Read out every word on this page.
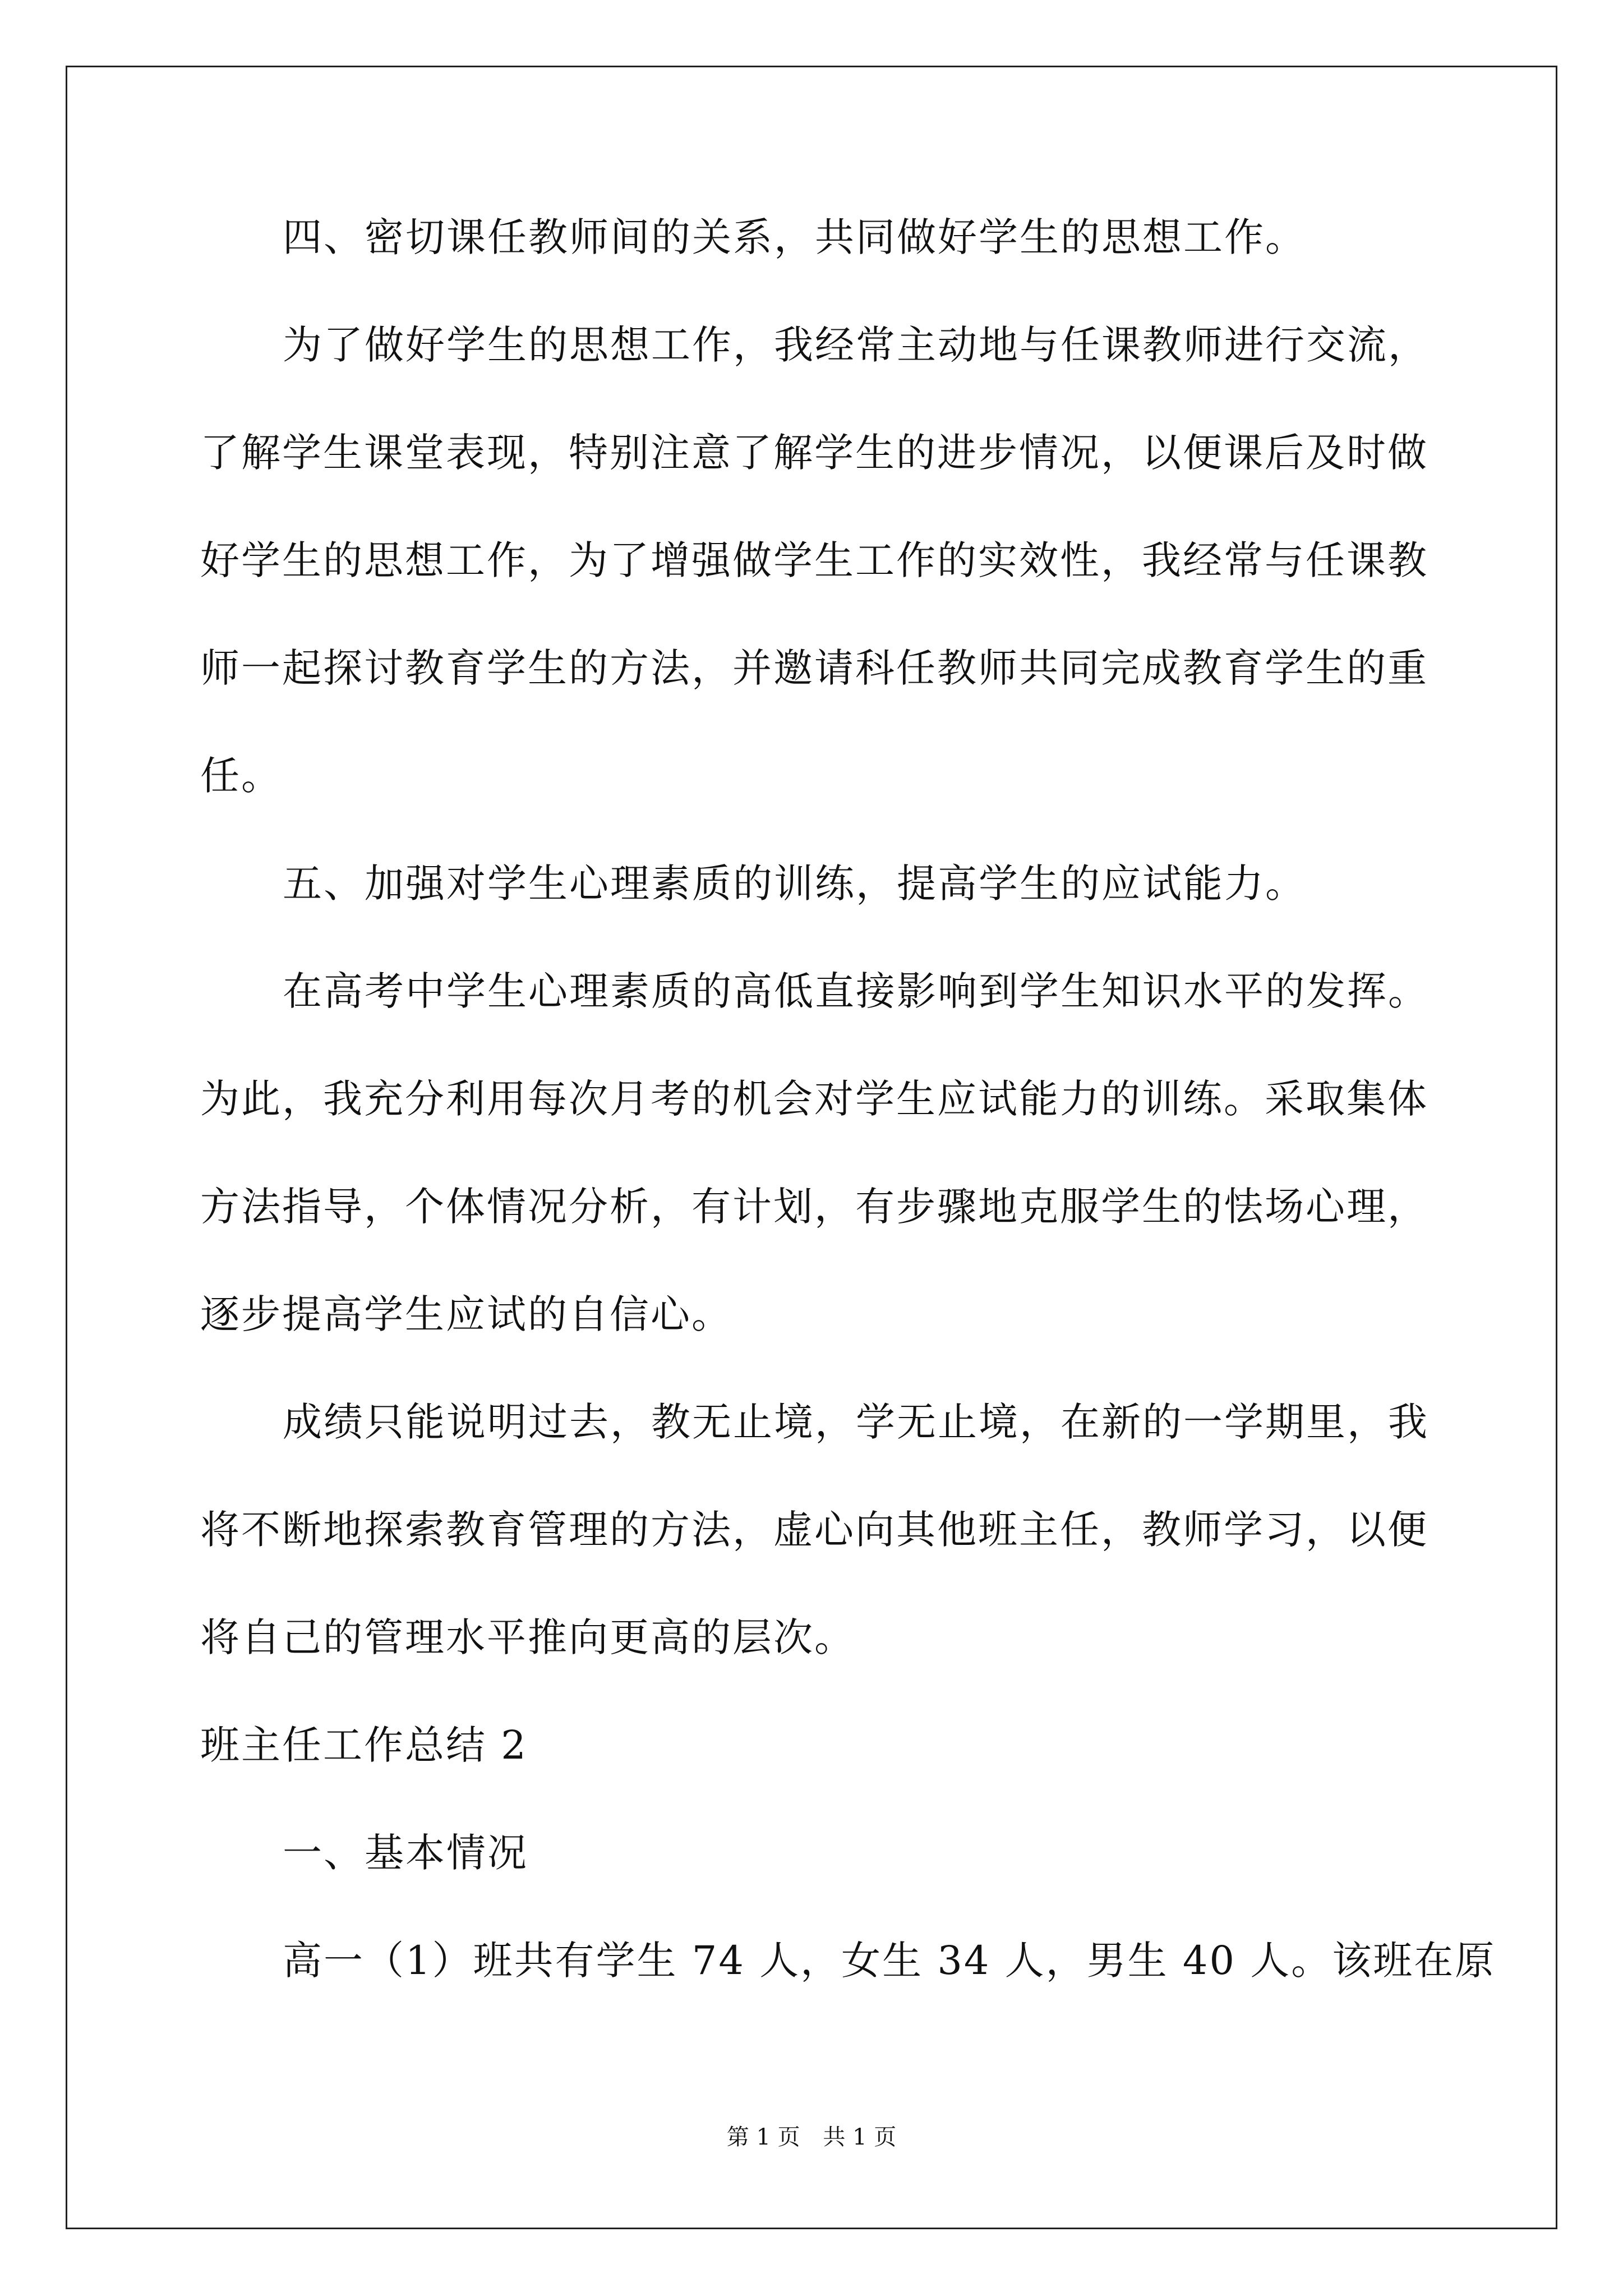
四、密切课任教师间的关系，共同做好学生的思想工作。
为了做好学生的思想工作，我经常主动地与任课教师进行交流，
了解学生课堂表现，特别注意了解学生的进步情况，以便课后及时做
好学生的思想工作，为了增强做学生工作的实效性，我经常与任课教
师一起探讨教育学生的方法，并邀请科任教师共同完成教育学生的重
任。
五、加强对学生心理素质的训练，提高学生的应试能力。
在高考中学生心理素质的高低直接影响到学生知识水平的发挥。
为此，我充分利用每次月考的机会对学生应试能力的训练。采取集体
方法指导，个体情况分析，有计划，有步骤地克服学生的怯场心理，
逐步提高学生应试的自信心。
成绩只能说明过去，教无止境，学无止境，在新的一学期里，我
将不断地探索教育管理的方法，虚心向其他班主任，教师学习，以便
将自己的管理水平推向更高的层次。
班主任工作总结 2
一、基本情况
高一（1）班共有学生 74 人，女生 34 人，男生 40 人。该班在原
第 1 页 共 1 页
